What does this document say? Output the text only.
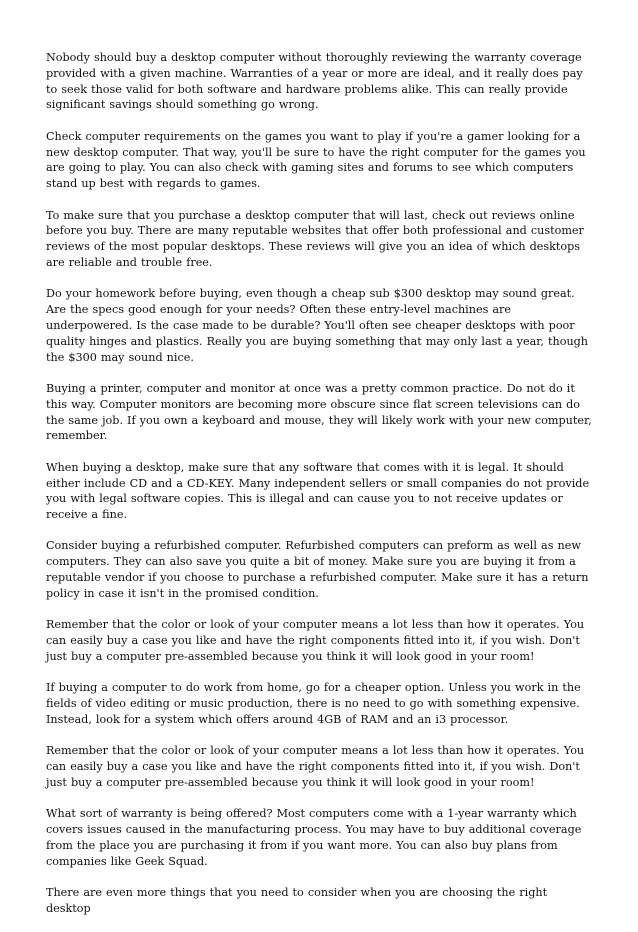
Nobody should buy a desktop computer without thoroughly reviewing the warranty coverage provided with a given machine. Warranties of a year or more are ideal, and it really does pay to seek those valid for both software and hardware problems alike. This can really provide significant savings should something go wrong.

Check computer requirements on the games you want to play if you're a gamer looking for a new desktop computer. That way, you'll be sure to have the right computer for the games you are going to play. You can also check with gaming sites and forums to see which computers stand up best with regards to games.

To make sure that you purchase a desktop computer that will last, check out reviews online before you buy. There are many reputable websites that offer both professional and customer reviews of the most popular desktops. These reviews will give you an idea of which desktops are reliable and trouble free.

Do your homework before buying, even though a cheap sub $300 desktop may sound great. Are the specs good enough for your needs? Often these entry-level machines are underpowered. Is the case made to be durable? You'll often see cheaper desktops with poor quality hinges and plastics. Really you are buying something that may only last a year, though the $300 may sound nice.

Buying a printer, computer and monitor at once was a pretty common practice. Do not do it this way. Computer monitors are becoming more obscure since flat screen televisions can do the same job. If you own a keyboard and mouse, they will likely work with your new computer, remember.

When buying a desktop, make sure that any software that comes with it is legal. It should either include CD and a CD-KEY. Many independent sellers or small companies do not provide you with legal software copies. This is illegal and can cause you to not receive updates or receive a fine.

Consider buying a refurbished computer. Refurbished computers can preform as well as new computers. They can also save you quite a bit of money. Make sure you are buying it from a reputable vendor if you choose to purchase a refurbished computer. Make sure it has a return policy in case it isn't in the promised condition.

Remember that the color or look of your computer means a lot less than how it operates. You can easily buy a case you like and have the right components fitted into it, if you wish. Don't just buy a computer pre-assembled because you think it will look good in your room!

If buying a computer to do work from home, go for a cheaper option. Unless you work in the fields of video editing or music production, there is no need to go with something expensive. Instead, look for a system which offers around 4GB of RAM and an i3 processor.

Remember that the color or look of your computer means a lot less than how it operates. You can easily buy a case you like and have the right components fitted into it, if you wish. Don't just buy a computer pre-assembled because you think it will look good in your room!

What sort of warranty is being offered? Most computers come with a 1-year warranty which covers issues caused in the manufacturing process. You may have to buy additional coverage from the place you are purchasing it from if you want more. You can also buy plans from companies like Geek Squad.

There are even more things that you need to consider when you are choosing the right desktop
